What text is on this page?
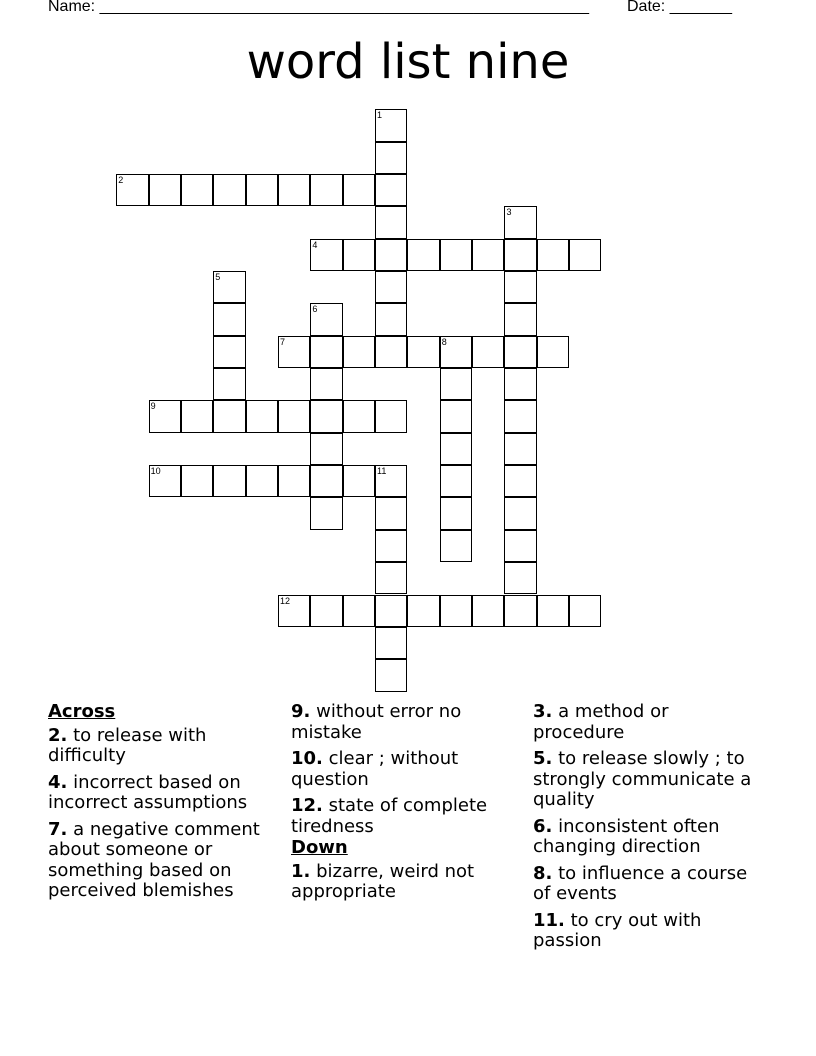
Name: _______________________________________________________ Date: _______
word list nine
1
2
3
4
5
6
7	8
9
10	11
12
Across
2. to release with difficulty
4. incorrect based on incorrect assumptions
7. a negative comment about someone or something based on perceived blemishes
9. without error no mistake
10. clear ; without question
12. state of complete tiredness
Down
1. bizarre, weird not appropriate
3. a method or procedure
5. to release slowly ; to strongly communicate a quality
6. inconsistent often changing direction
8. to influence a course of events
11. to cry out with passion
